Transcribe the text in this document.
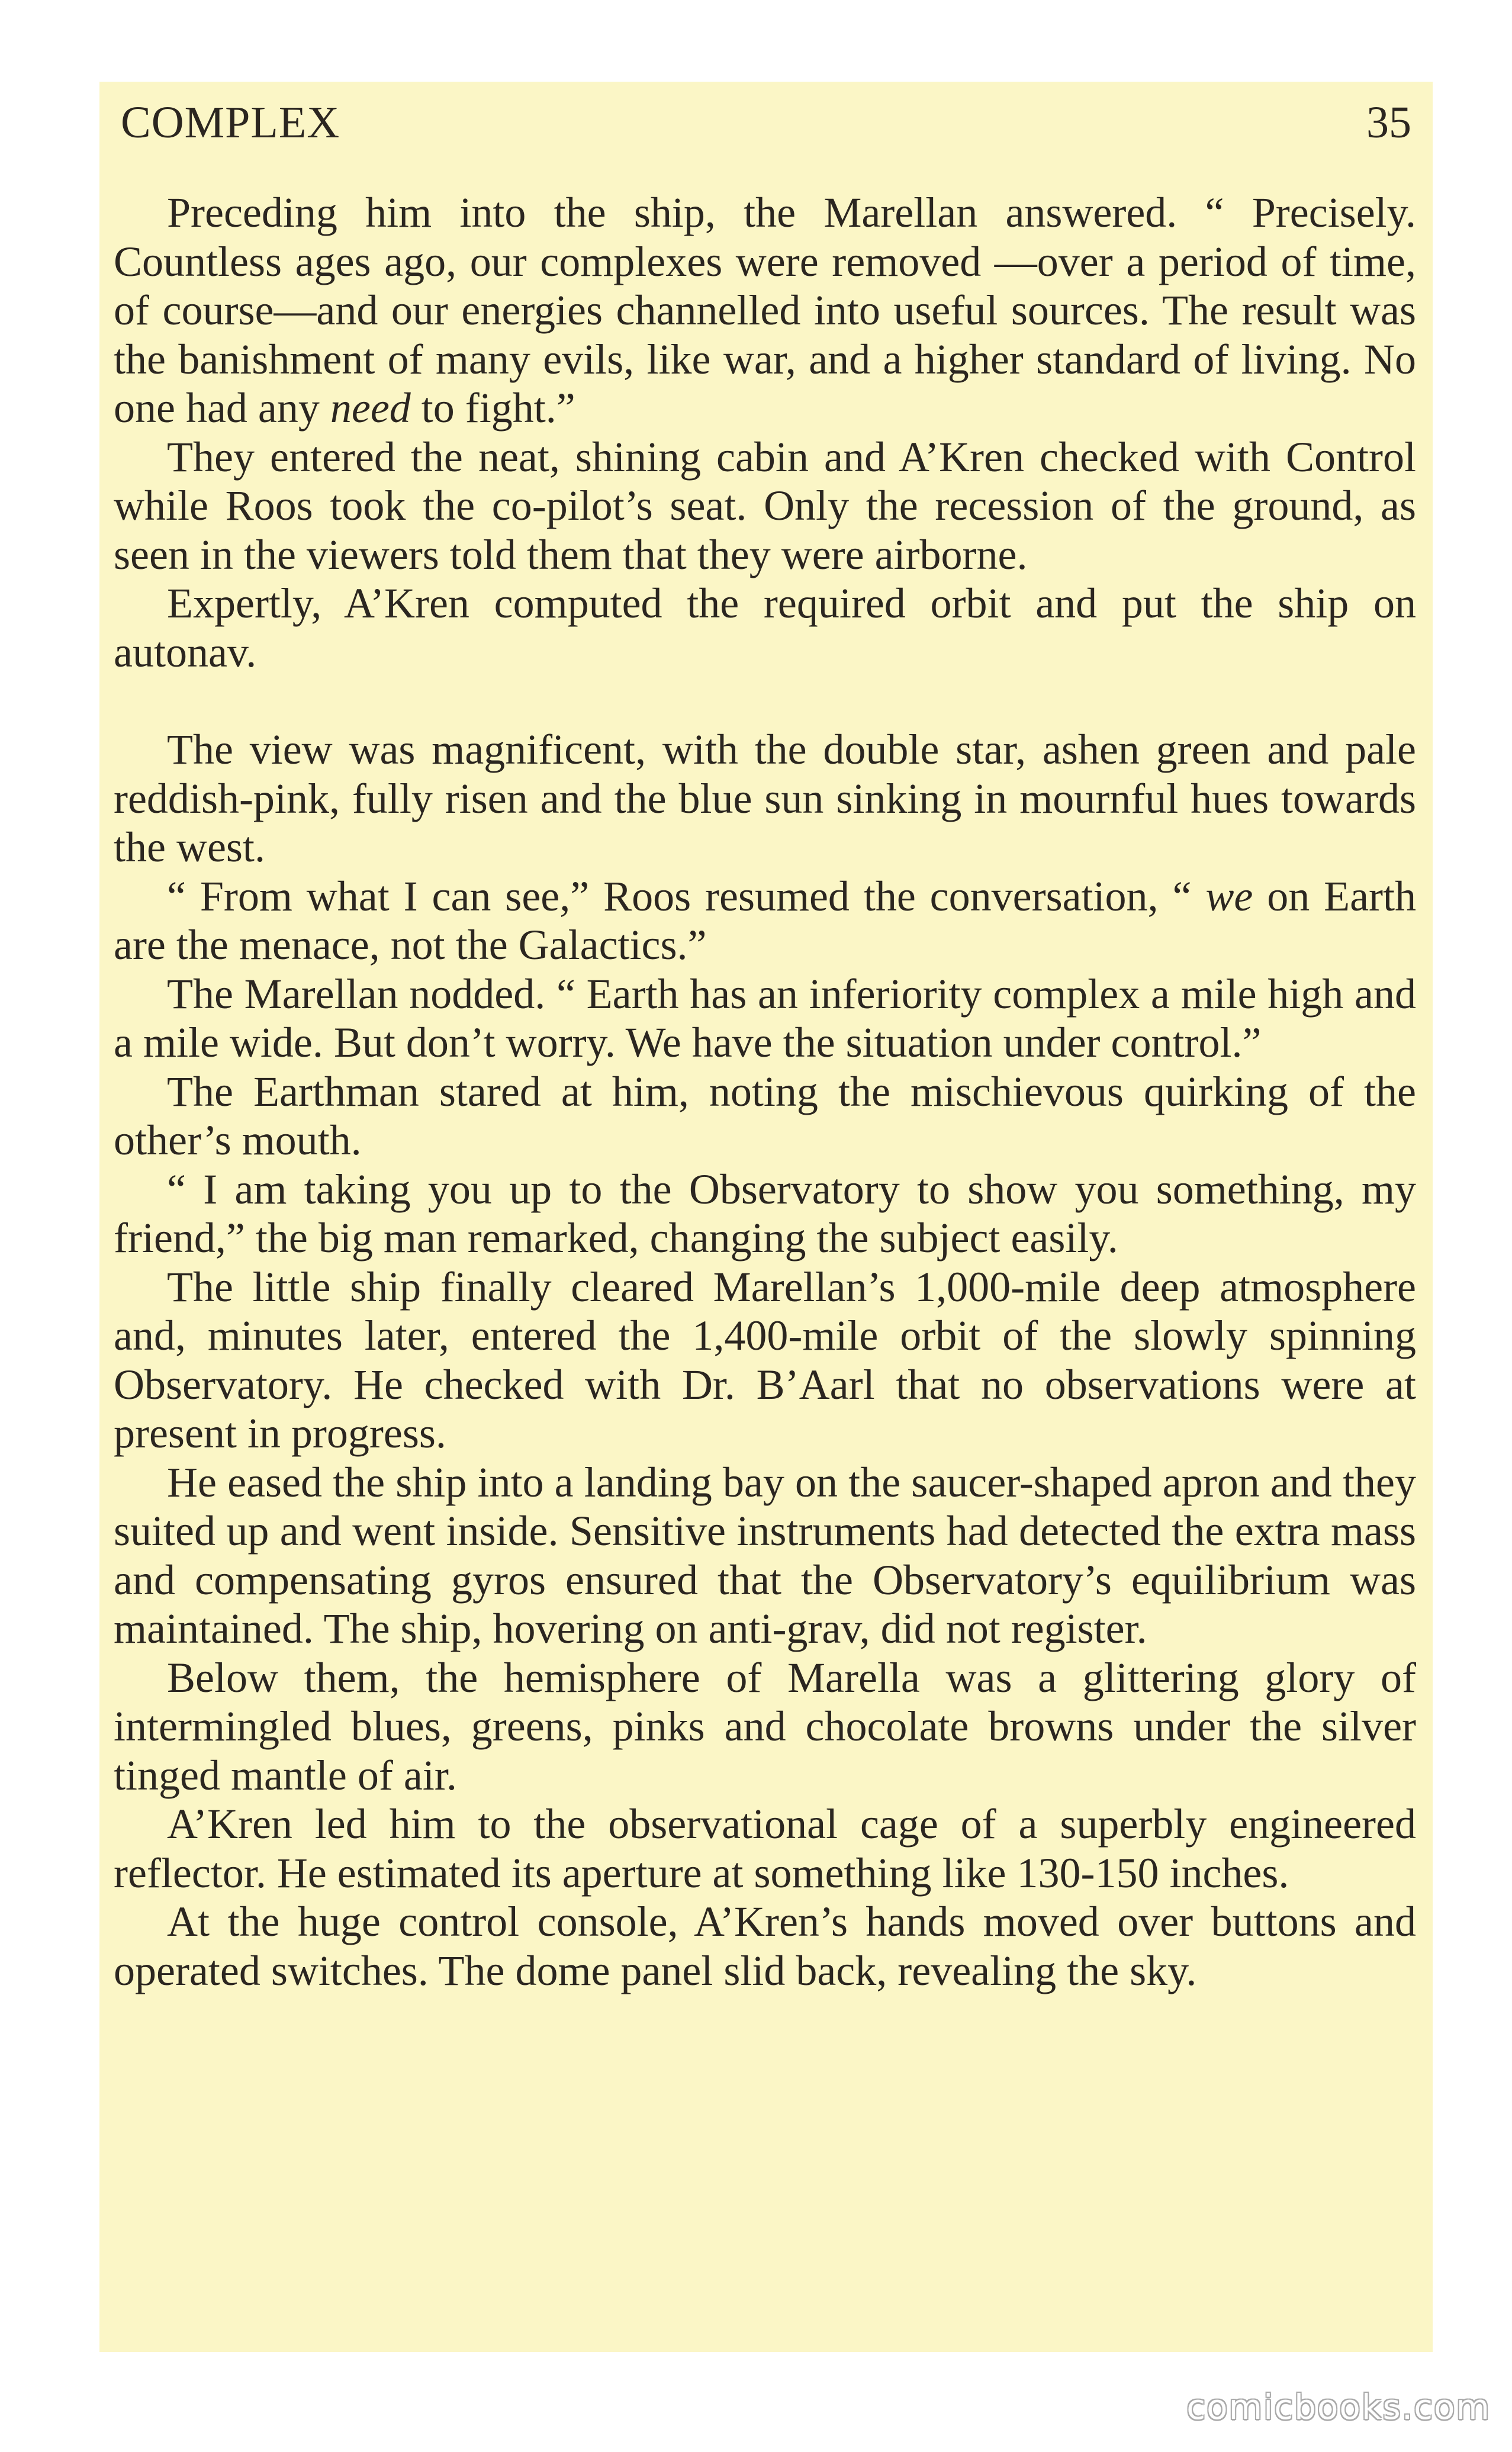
COMPLEX	35

Preceding him into the ship, the Marellan answered. “ Precisely. Countless ages ago, our complexes were removed —over a period of time, of course—and our energies channelled into useful sources. The result was the banishment of many evils, like war, and a higher standard of living. No one had any need to fight.”

They entered the neat, shining cabin and A’Kren checked with Control while Roos took the co-pilot’s seat. Only the recession of the ground, as seen in the viewers told them that they were airborne.

Expertly, A’Kren computed the required orbit and put the ship on autonav.

The view was magnificent, with the double star, ashen green and pale reddish-pink, fully risen and the blue sun sinking in mournful hues towards the west.

“ From what I can see,” Roos resumed the conversation, “ we on Earth are the menace, not the Galactics.”

The Marellan nodded. “ Earth has an inferiority complex a mile high and a mile wide. But don’t worry. We have the situation under control.”

The Earthman stared at him, noting the mischievous quirking of the other’s mouth.

“ I am taking you up to the Observatory to show you something, my friend,” the big man remarked, changing the subject easily.

The little ship finally cleared Marellan’s 1,000-mile deep atmosphere and, minutes later, entered the 1,400-mile orbit of the slowly spinning Observatory. He checked with Dr. B’Aarl that no observations were at present in progress.

He eased the ship into a landing bay on the saucer-shaped apron and they suited up and went inside. Sensitive instruments had detected the extra mass and compensating gyros ensured that the Observatory’s equilibrium was maintained. The ship, hovering on anti-grav, did not register.

Below them, the hemisphere of Marella was a glittering glory of intermingled blues, greens, pinks and chocolate browns under the silver tinged mantle of air.

A’Kren led him to the observational cage of a superbly engineered reflector. He estimated its aperture at something like 130-150 inches.

At the huge control console, A’Kren’s hands moved over buttons and operated switches. The dome panel slid back, revealing the sky.

comicbooks.com
